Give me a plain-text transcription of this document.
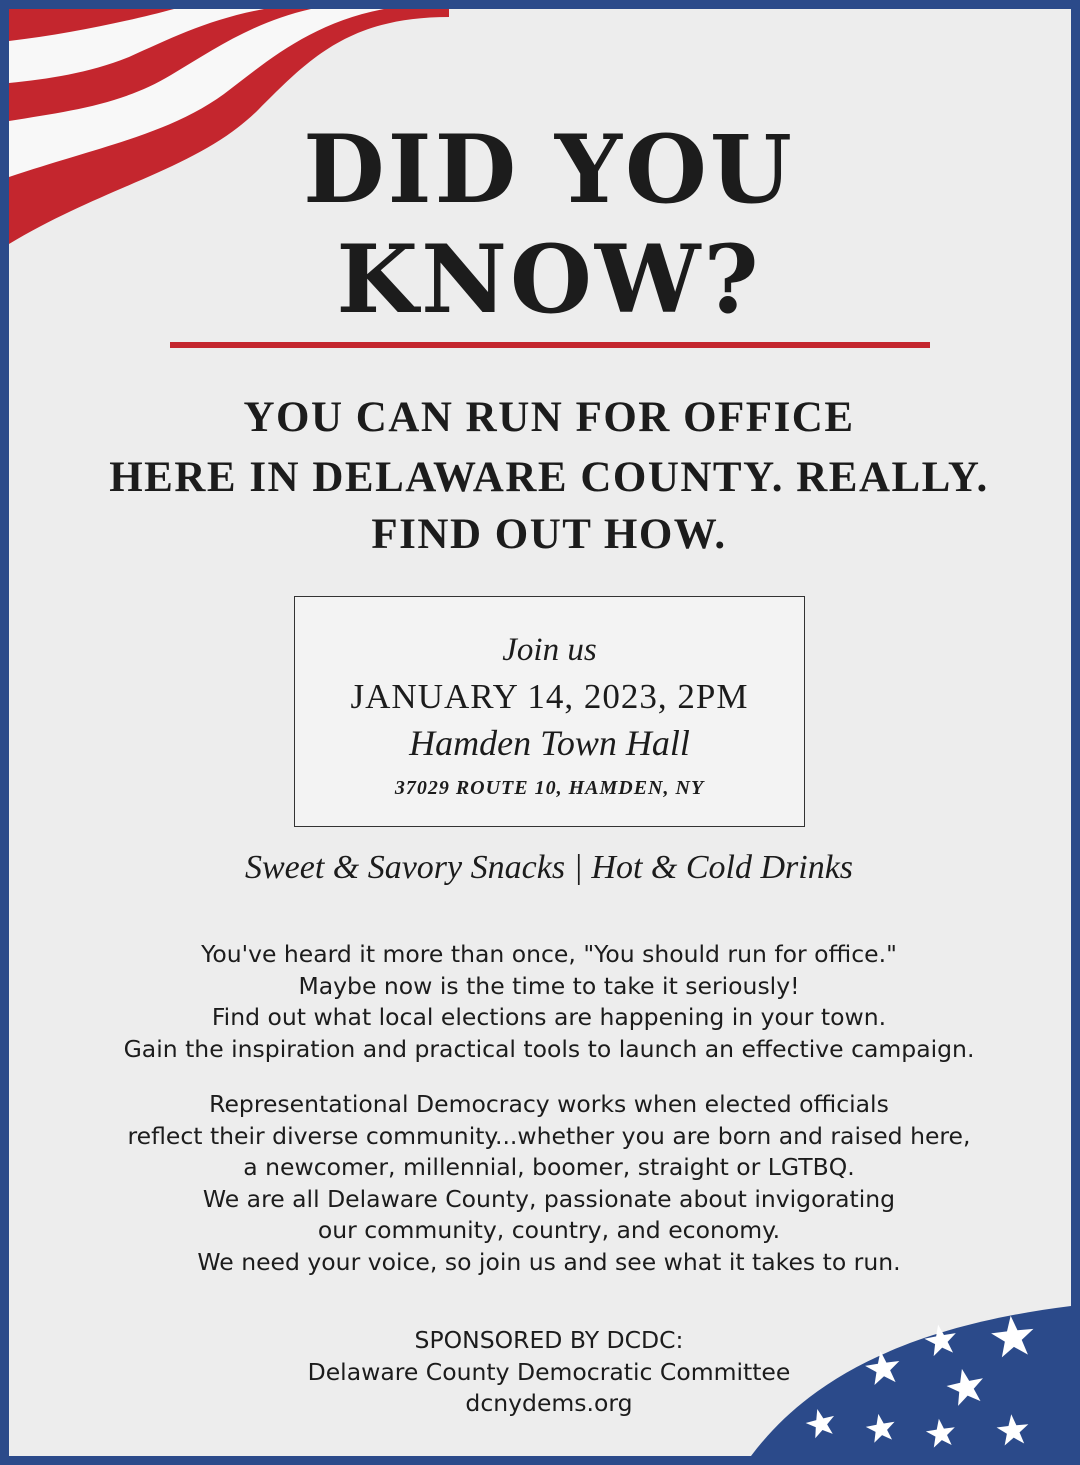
DID YOU
KNOW?
YOU CAN RUN FOR OFFICE
HERE IN DELAWARE COUNTY. REALLY.
FIND OUT HOW.
Join us
JANUARY 14, 2023, 2PM
Hamden Town Hall
37029 ROUTE 10, HAMDEN, NY
Sweet & Savory Snacks | Hot & Cold Drinks
You've heard it more than once, "You should run for office."
Maybe now is the time to take it seriously!
Find out what local elections are happening in your town.
Gain the inspiration and practical tools to launch an effective campaign.
Representational Democracy works when elected officials
reflect their diverse community...whether you are born and raised here,
a newcomer, millennial, boomer, straight or LGTBQ.
We are all Delaware County, passionate about invigorating
our community, country, and economy.
We need your voice, so join us and see what it takes to run.
SPONSORED BY DCDC:
Delaware County Democratic Committee
dcnydems.org
